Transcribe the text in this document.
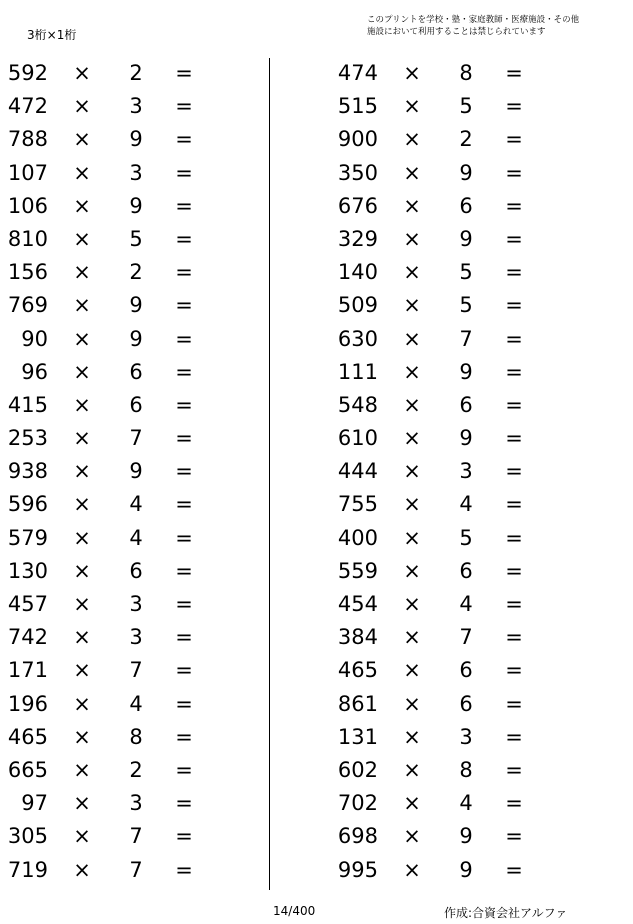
3桁×1桁
このプリントを学校・塾・家庭教師・医療施設・その他
施設において利用することは禁じられています
592 × 2 =
472 × 3 =
788 × 9 =
107 × 3 =
106 × 9 =
810 × 5 =
156 × 2 =
769 × 9 =
90 × 9 =
96 × 6 =
415 × 6 =
253 × 7 =
938 × 9 =
596 × 4 =
579 × 4 =
130 × 6 =
457 × 3 =
742 × 3 =
171 × 7 =
196 × 4 =
465 × 8 =
665 × 2 =
97 × 3 =
305 × 7 =
719 × 7 =
474 × 8 =
515 × 5 =
900 × 2 =
350 × 9 =
676 × 6 =
329 × 9 =
140 × 5 =
509 × 5 =
630 × 7 =
111 × 9 =
548 × 6 =
610 × 9 =
444 × 3 =
755 × 4 =
400 × 5 =
559 × 6 =
454 × 4 =
384 × 7 =
465 × 6 =
861 × 6 =
131 × 3 =
602 × 8 =
702 × 4 =
698 × 9 =
995 × 9 =
14/400	作成:合資会社アルファ
